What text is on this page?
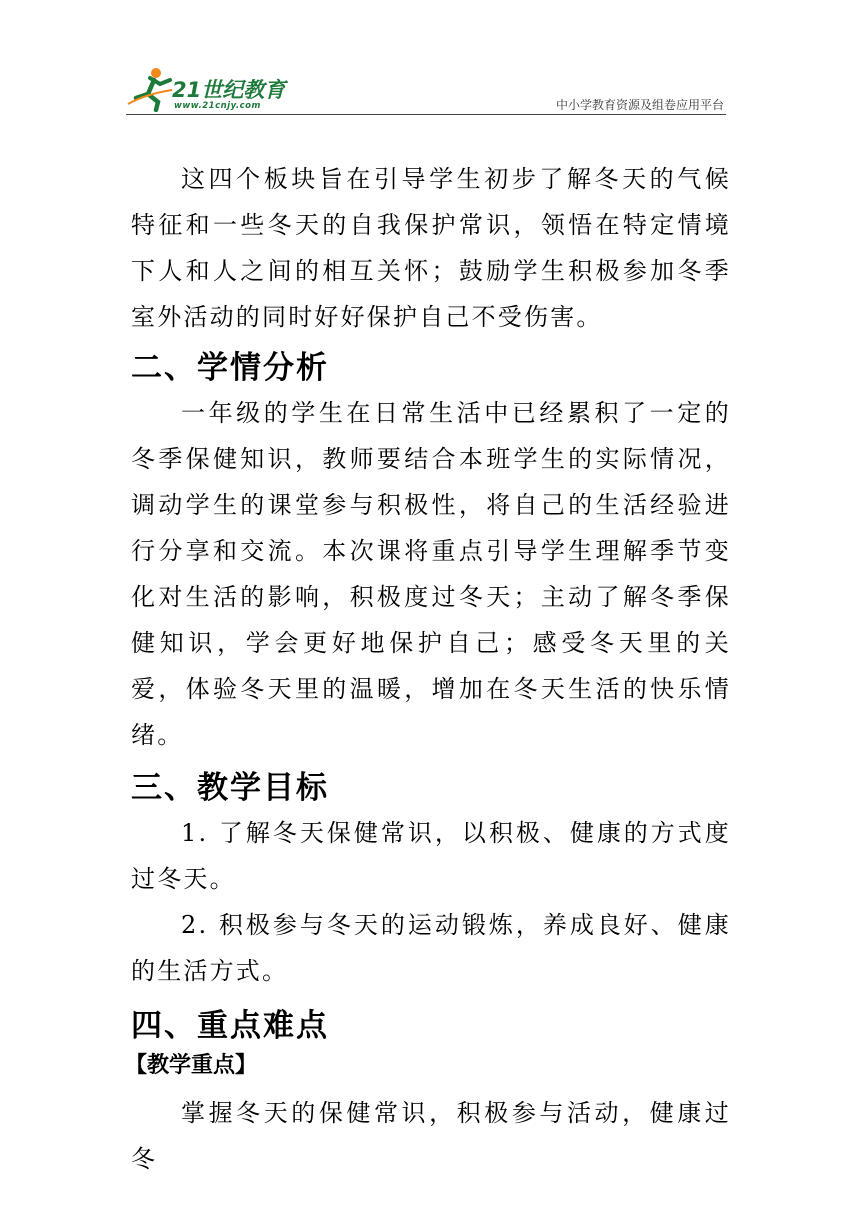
21世纪教育
www.21cnjy.com	中小学教育资源及组卷应用平台

这四个板块旨在引导学生初步了解冬天的气候特征和一些冬天的自我保护常识，领悟在特定情境下人和人之间的相互关怀；鼓励学生积极参加冬季室外活动的同时好好保护自己不受伤害。

二、学情分析

一年级的学生在日常生活中已经累积了一定的冬季保健知识，教师要结合本班学生的实际情况，调动学生的课堂参与积极性，将自己的生活经验进行分享和交流。本次课将重点引导学生理解季节变化对生活的影响，积极度过冬天；主动了解冬季保健知识，学会更好地保护自己；感受冬天里的关爱，体验冬天里的温暖，增加在冬天生活的快乐情绪。

三、教学目标

1. 了解冬天保健常识，以积极、健康的方式度过冬天。

2. 积极参与冬天的运动锻炼，养成良好、健康的生活方式。

四、重点难点
【教学重点】

掌握冬天的保健常识，积极参与活动，健康过冬
